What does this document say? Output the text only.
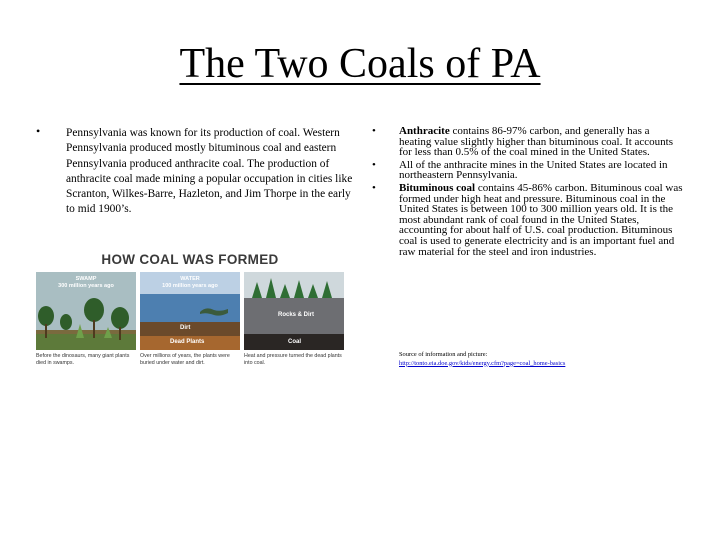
The Two Coals of PA
• Pennsylvania was known for its production of coal. Western Pennsylvania produced mostly bituminous coal and eastern Pennsylvania produced anthracite coal. The production of anthracite coal made mining a popular occupation in cities like Scranton, Wilkes-Barre, Hazleton, and Jim Thorpe in the early to mid 1900’s.
• Anthracite contains 86-97% carbon, and generally has a heating value slightly higher than bituminous coal. It accounts for less than 0.5% of the coal mined in the United States.
• All of the anthracite mines in the United States are located in northeastern Pennsylvania.
• Bituminous coal contains 45-86% carbon. Bituminous coal was formed under high heat and pressure. Bituminous coal in the United States is between 100 to 300 million years old. It is the most abundant rank of coal found in the United States, accounting for about half of U.S. coal production. Bituminous coal is used to generate electricity and is an important fuel and raw material for the steel and iron industries.
Source of information and picture:
http://tonto.eia.doe.gov/kids/energy.cfm?page=coal_home-basics
HOW COAL WAS FORMED
SWAMP
300 million years ago
WATER
100 million years ago
Dirt
Dead Plants
Rocks & Dirt
Coal
Before the dinosaurs, many giant plants died in swamps.
Over millions of years, the plants were buried under water and dirt.
Heat and pressure turned the dead plants into coal.
